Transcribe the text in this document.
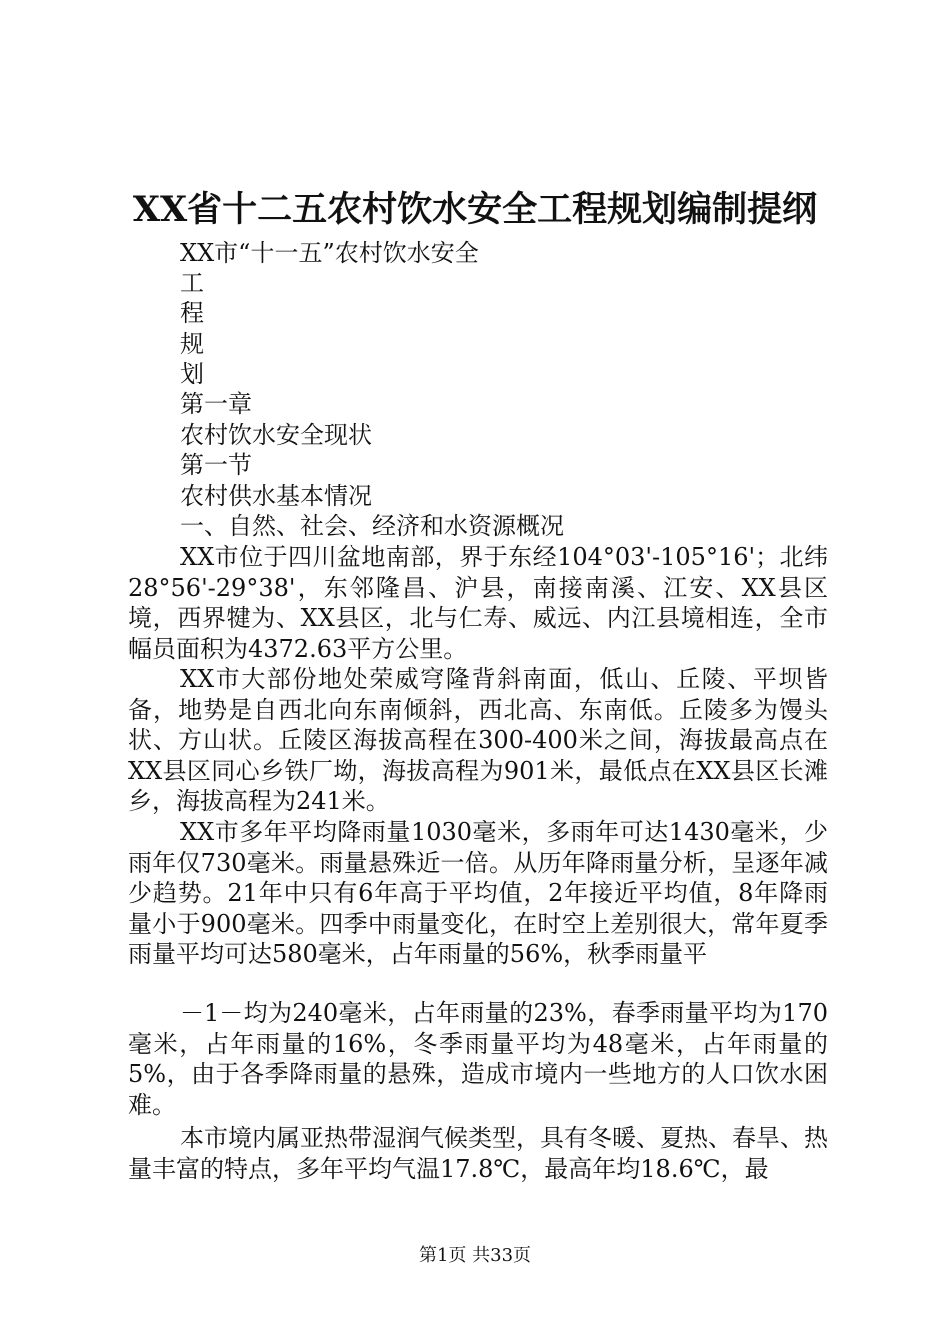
XX省十二五农村饮水安全工程规划编制提纲
XX市“十一五”农村饮水安全
工
程
规
划
第一章
农村饮水安全现状
第一节
农村供水基本情况
一、自然、社会、经济和水资源概况
XX市位于四川盆地南部，界于东经104°03'-105°16'；北纬28°56'-29°38'，东邻隆昌、沪县，南接南溪、江安、XX县区境，西界犍为、XX县区，北与仁寿、威远、内江县境相连，全市幅员面积为4372.63平方公里。
XX市大部份地处荣威穹隆背斜南面，低山、丘陵、平坝皆备，地势是自西北向东南倾斜，西北高、东南低。丘陵多为馒头状、方山状。丘陵区海拔高程在300-400米之间，海拔最高点在XX县区同心乡铁厂坳，海拔高程为901米，最低点在XX县区长滩乡，海拔高程为241米。
XX市多年平均降雨量1030毫米，多雨年可达1430毫米，少雨年仅730毫米。雨量悬殊近一倍。从历年降雨量分析，呈逐年减少趋势。21年中只有6年高于平均值，2年接近平均值，8年降雨量小于900毫米。四季中雨量变化，在时空上差别很大，常年夏季雨量平均可达580毫米，占年雨量的56%，秋季雨量平
－1－均为240毫米，占年雨量的23%，春季雨量平均为170毫米，占年雨量的16%，冬季雨量平均为48毫米，占年雨量的5%，由于各季降雨量的悬殊，造成市境内一些地方的人口饮水困难。
本市境内属亚热带湿润气候类型，具有冬暖、夏热、春旱、热量丰富的特点，多年平均气温17.8℃，最高年均18.6℃，最
第1页 共33页
